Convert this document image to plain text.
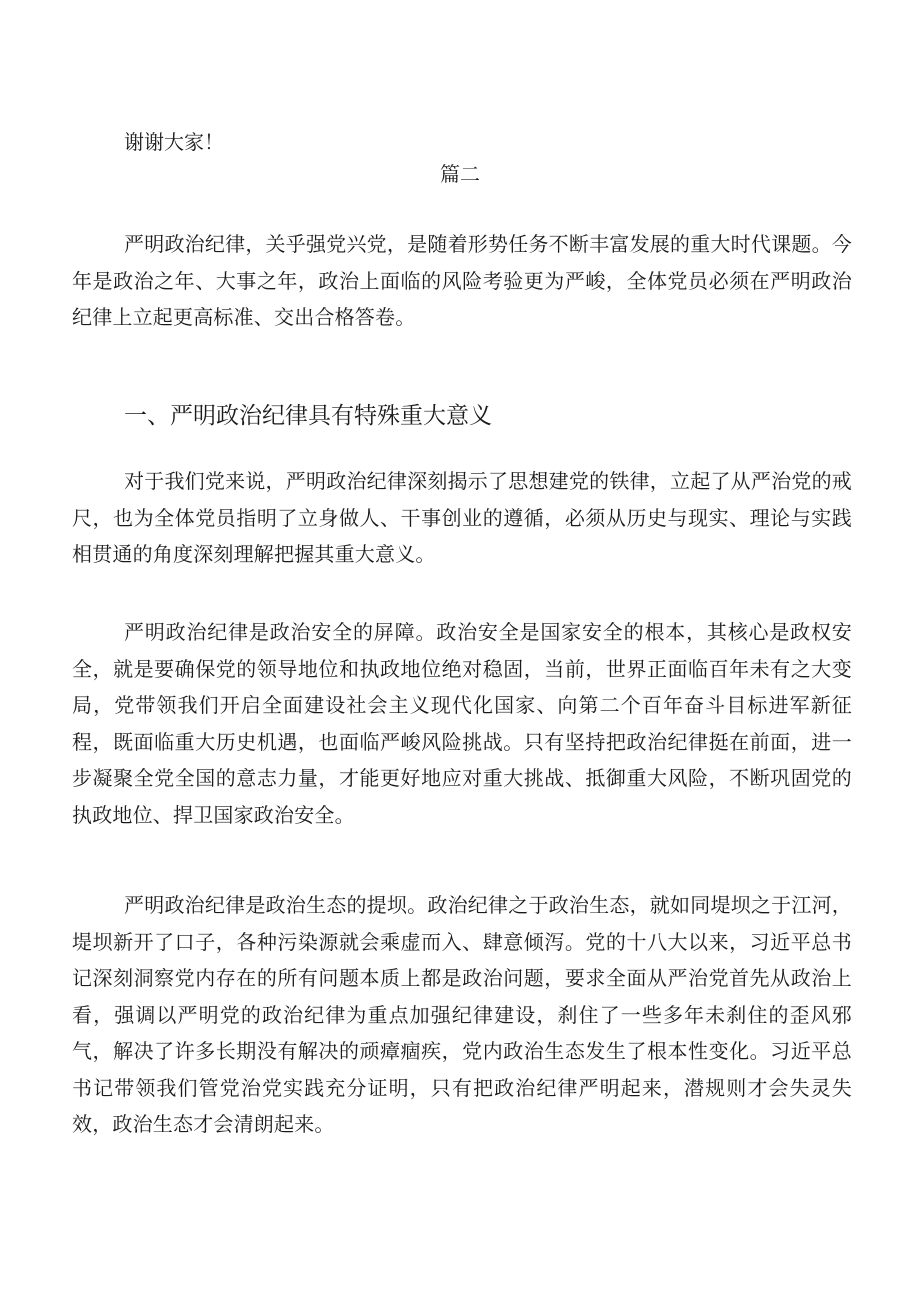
谢谢大家！

篇二

严明政治纪律，关乎强党兴党，是随着形势任务不断丰富发展的重大时代课题。今年是政治之年、大事之年，政治上面临的风险考验更为严峻，全体党员必须在严明政治纪律上立起更高标准、交出合格答卷。

一、严明政治纪律具有特殊重大意义

对于我们党来说，严明政治纪律深刻揭示了思想建党的铁律，立起了从严治党的戒尺，也为全体党员指明了立身做人、干事创业的遵循，必须从历史与现实、理论与实践相贯通的角度深刻理解把握其重大意义。

严明政治纪律是政治安全的屏障。政治安全是国家安全的根本，其核心是政权安全，就是要确保党的领导地位和执政地位绝对稳固，当前，世界正面临百年未有之大变局，党带领我们开启全面建设社会主义现代化国家、向第二个百年奋斗目标进军新征程，既面临重大历史机遇，也面临严峻风险挑战。只有坚持把政治纪律挺在前面，进一步凝聚全党全国的意志力量，才能更好地应对重大挑战、抵御重大风险，不断巩固党的执政地位、捍卫国家政治安全。

严明政治纪律是政治生态的提坝。政治纪律之于政治生态，就如同堤坝之于江河，堤坝新开了口子，各种污染源就会乘虚而入、肆意倾泻。党的十八大以来，习近平总书记深刻洞察党内存在的所有问题本质上都是政治问题，要求全面从严治党首先从政治上看，强调以严明党的政治纪律为重点加强纪律建设，刹住了一些多年未刹住的歪风邪气，解决了许多长期没有解决的顽瘴痼疾，党内政治生态发生了根本性变化。习近平总书记带领我们管党治党实践充分证明，只有把政治纪律严明起来，潜规则才会失灵失效，政治生态才会清朗起来。
